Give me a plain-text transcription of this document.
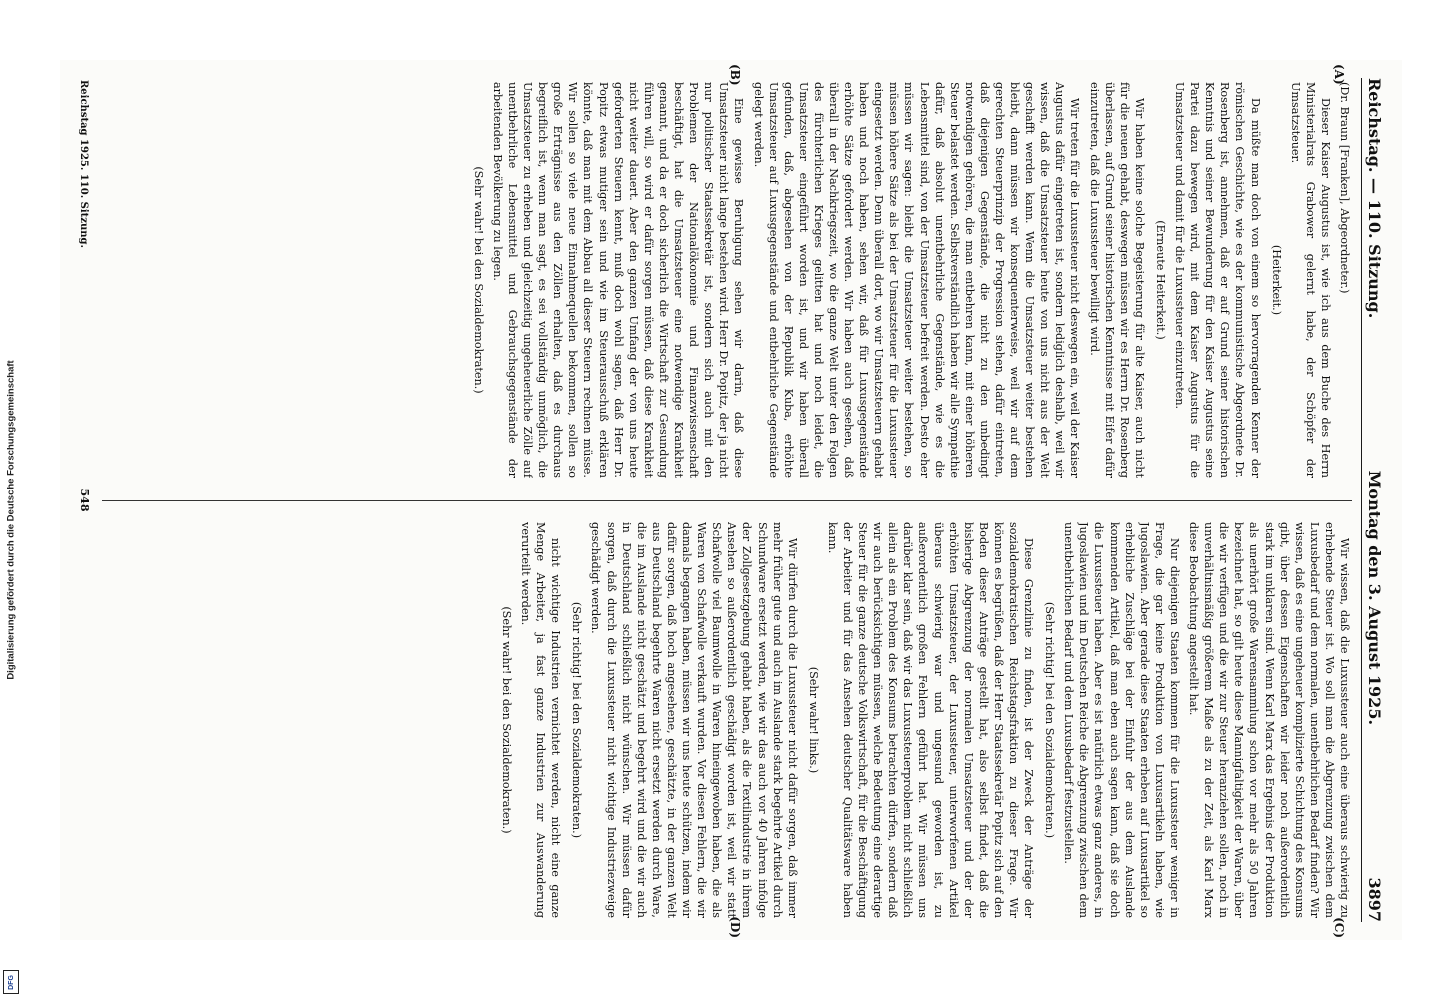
Reichstag. — 110. Sitzung.
Montag den 3. August 1925.
3897
(A)
(B)
(C)
(D)

(Dr. Braun [Franken], Abgeordneter.)

Dieser Kaiser Augustus ist, wie ich aus dem Buche des Herrn Ministerialrats Grabower gelernt habe, der Schöpfer der Umsatzsteuer.

(Heiterkeit.)

Da müßte man doch von einem so hervorragenden Kenner der römischen Geschichte, wie es der kommunistische Abgeordnete Dr. Rosenberg ist, annehmen, daß er auf Grund seiner historischen Kenntnis und seiner Bewunderung für den Kaiser Augustus seine Partei dazu bewegen wird, mit dem Kaiser Augustus für die Umsatzsteuer und damit für die Luxussteuer einzutreten.

(Erneute Heiterkeit.)

Wir haben keine solche Begeisterung für alte Kaiser, auch nicht für die neuen gehabt, deswegen müssen wir es Herrn Dr. Rosenberg überlassen, auf Grund seiner historischen Kenntnisse mit Eifer dafür einzutreten, daß die Luxussteuer bewilligt wird.

Wir treten für die Luxussteuer nicht deswegen ein, weil der Kaiser Augustus dafür eingetreten ist, sondern lediglich deshalb, weil wir wissen, daß die Umsatzsteuer heute von uns nicht aus der Welt geschafft werden kann. Wenn die Umsatzsteuer weiter bestehen bleibt, dann müssen wir konsequenterweise, weil wir auf dem gerechten Steuerprinzip der Progression stehen, dafür eintreten, daß diejenigen Gegenstände, die nicht zu den unbedingt notwendigen gehören, die man entbehren kann, mit einer höheren Steuer belastet werden. Selbstverständlich haben wir alle Sympathie dafür, daß absolut unentbehrliche Gegenstände, wie es die Lebensmittel sind, von der Umsatzsteuer befreit werden. Desto eher müssen wir sagen: bleibt die Umsatzsteuer weiter bestehen, so müssen höhere Sätze als bei der Umsatzsteuer für die Luxussteuer eingesetzt werden. Denn überall dort, wo wir Umsatzsteuern gehabt haben und noch haben, sehen wir, daß für Luxusgegenstände erhöhte Sätze gefordert werden. Wir haben auch gesehen, daß überall in der Nachkriegszeit, wo die ganze Welt unter den Folgen des fürchterlichen Krieges gelitten hat und noch leidet, die Umsatzsteuer eingeführt worden ist, und wir haben überall gefunden, daß, abgesehen von der Republik Kuba, erhöhte Umsatzsteuer auf Luxusgegenstände und entbehrliche Gegenstände gelegt werden.

Eine gewisse Beruhigung sehen wir darin, daß diese Umsatzsteuer nicht lange bestehen wird. Herr Dr. Popitz, der ja nicht nur politischer Staatssekretär ist, sondern sich auch mit den Problemen der Nationalökonomie und Finanzwissenschaft beschäftigt, hat die Umsatzsteuer eine notwendige Krankheit genannt, und da er doch sicherlich die Wirtschaft zur Gesundung führen will, so wird er dafür sorgen müssen, daß diese Krankheit nicht weiter dauert. Aber den ganzen Umfang der von uns heute geforderten Steuern kennt, muß doch wohl sagen, daß Herr Dr. Popitz etwas mutiger sein und wie im Steuerausschuß erklären könnte, daß man mit dem Abbau all dieser Steuern rechnen müsse. Wir sollen so viele neue Einnahmequellen bekommen, sollen so große Erträgnisse aus den Zöllen erhalten, daß es durchaus begreiflich ist, wenn man sagt, es sei vollständig unmöglich, die Umsatzsteuer zu erheben und gleichzeitig ungeheuerliche Zölle auf unentbehrliche Lebensmittel und Gebrauchsgegenstände der arbeitenden Bevölkerung zu legen.

(Sehr wahr! bei den Sozialdemokraten.)

Wir wissen, daß die Luxussteuer auch eine überaus schwierig zu erhebende Steuer ist. Wo soll man die Abgrenzung zwischen dem Luxusbedarf und dem normalen, unentbehrlichen Bedarf finden? Wir wissen, daß es eine ungeheuer komplizierte Schichtung des Konsums gibt, über dessen Eigenschaften wir leider noch außerordentlich stark im unklaren sind. Wenn Karl Marx das Ergebnis der Produktion als unerhört große Warensammlung schon vor mehr als 50 Jahren bezeichnet hat, so gilt heute diese Mannigfaltigkeit der Waren, über die wir verfügen und die wir zur Steuer heranziehen sollen, noch in unverhältnismäßig größerem Maße als zu der Zeit, als Karl Marx diese Beobachtung angestellt hat.

Nur diejenigen Staaten kommen für die Luxussteuer weniger in Frage, die gar keine Produktion von Luxusartikeln haben, wie Jugoslawien. Aber gerade diese Staaten erheben auf Luxusartikel so erhebliche Zuschläge bei der Einfuhr der aus dem Auslande kommenden Artikel, daß man eben auch sagen kann, daß sie doch die Luxussteuer haben. Aber es ist natürlich etwas ganz anderes, in Jugoslawien und im Deutschen Reiche die Abgrenzung zwischen dem unentbehrlichen Bedarf und dem Luxusbedarf festzustellen.

(Sehr richtig! bei den Sozialdemokraten.)

Diese Grenzlinie zu finden, ist der Zweck der Anträge der sozialdemokratischen Reichstagsfraktion zu dieser Frage. Wir können es begrüßen, daß der Herr Staatssekretär Popitz sich auf den Boden dieser Anträge gestellt hat, also selbst findet, daß die bisherige Abgrenzung der normalen Umsatzsteuer und der der erhöhten Umsatzsteuer, der Luxussteuer, unterworfenen Artikel überaus schwierig war und ungesund geworden ist, zu außerordentlich großen Fehlern geführt hat. Wir müssen uns darüber klar sein, daß wir das Luxussteuerproblem nicht schließlich allein als ein Problem des Konsums betrachten dürfen, sondern daß wir auch berücksichtigen müssen, welche Bedeutung eine derartige Steuer für die ganze deutsche Volkswirtschaft, für die Beschäftigung der Arbeiter und für das Ansehen deutscher Qualitätsware haben kann.

(Sehr wahr! links.)

Wir dürfen durch die Luxussteuer nicht dafür sorgen, daß immer mehr früher gute und auch im Auslande stark begehrte Artikel durch Schundware ersetzt werden, wie wir das auch vor 40 Jahren infolge der Zollgesetzgebung gehabt haben, als die Textilindustrie in ihrem Ansehen so außerordentlich geschädigt worden ist, weil wir statt Schafwolle viel Baumwolle in Waren hineingewoben haben, die als Waren von Schafwolle verkauft wurden. Vor diesen Fehlern, die wir damals begangen haben, müssen wir uns heute schützen, indem wir dafür sorgen, daß hoch angesehene, geschätzte, in der ganzen Welt aus Deutschland begehrte Waren nicht ersetzt werden durch Ware, die im Auslande nicht geschätzt und begehrt wird und die wir auch in Deutschland schließlich nicht wünschen. Wir müssen dafür sorgen, daß durch die Luxussteuer nicht wichtige Industriezweige geschädigt werden.

(Sehr richtig! bei den Sozialdemokraten.)

nicht wichtige Industrien vernichtet werden, nicht eine ganze Menge Arbeiter, ja fast ganze Industrien zur Auswanderung verurteilt werden.

(Sehr wahr! bei den Sozialdemokraten.)

Reichstag 1925. 110. Sitzung.
548
Digitalisierung gefördert durch die Deutsche Forschungsgemeinschaft
DFG
